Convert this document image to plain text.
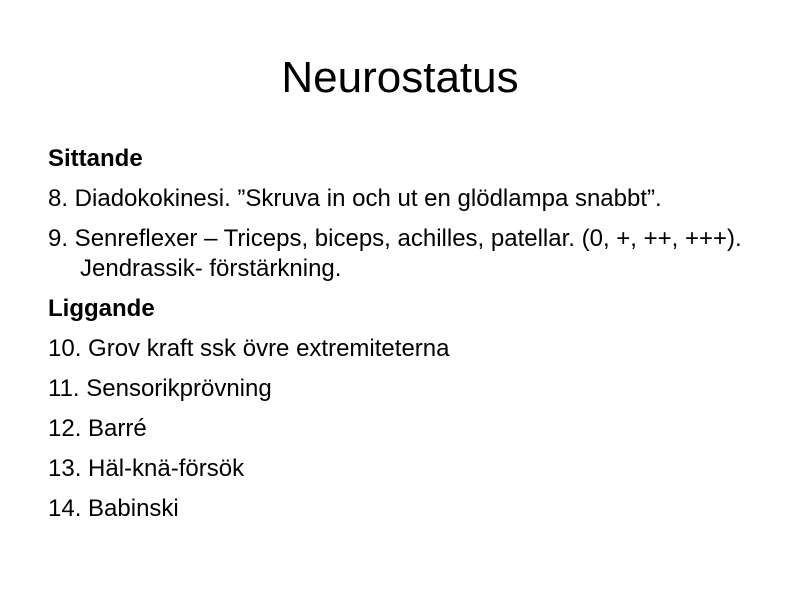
Neurostatus
Sittande
8. Diadokokinesi. ”Skruva in och ut en glödlampa snabbt”.
9. Senreflexer – Triceps, biceps, achilles, patellar. (0, +, ++, +++). Jendrassik- förstärkning.
Liggande
10. Grov kraft ssk övre extremiteterna
11. Sensorikprövning
12. Barré
13. Häl-knä-försök
14. Babinski
